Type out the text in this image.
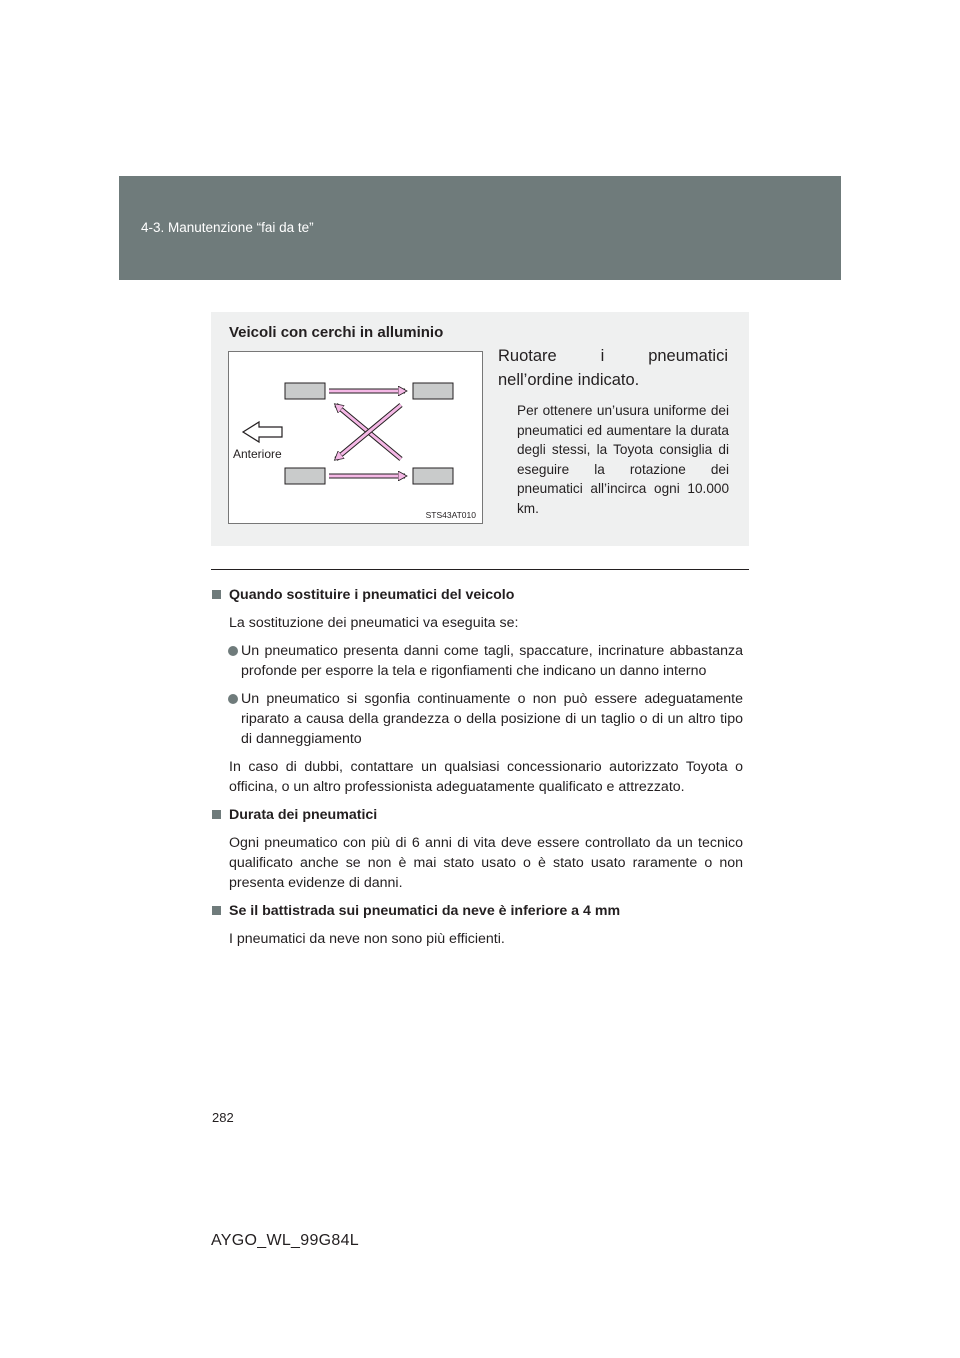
4-3. Manutenzione “fai da te”
Veicoli con cerchi in alluminio
Anteriore
STS43AT010
Ruotare i pneumatici
nell’ordine indicato.
Per ottenere un’usura uniforme dei pneumatici ed aumentare la durata degli stessi, la Toyota consiglia di eseguire la rotazione dei pneumatici all’incirca ogni 10.000 km.
Quando sostituire i pneumatici del veicolo
La sostituzione dei pneumatici va eseguita se:
Un pneumatico presenta danni come tagli, spaccature, incrinature abbastanza profonde per esporre la tela e rigonfiamenti che indicano un danno interno
Un pneumatico si sgonfia continuamente o non può essere adeguatamente riparato a causa della grandezza o della posizione di un taglio o di un altro tipo di danneggiamento
In caso di dubbi, contattare un qualsiasi concessionario autorizzato Toyota o officina, o un altro professionista adeguatamente qualificato e attrezzato.
Durata dei pneumatici
Ogni pneumatico con più di 6 anni di vita deve essere controllato da un tecnico qualificato anche se non è mai stato usato o è stato usato raramente o non presenta evidenze di danni.
Se il battistrada sui pneumatici da neve è inferiore a 4 mm
I pneumatici da neve non sono più efficienti.
282
AYGO_WL_99G84L
